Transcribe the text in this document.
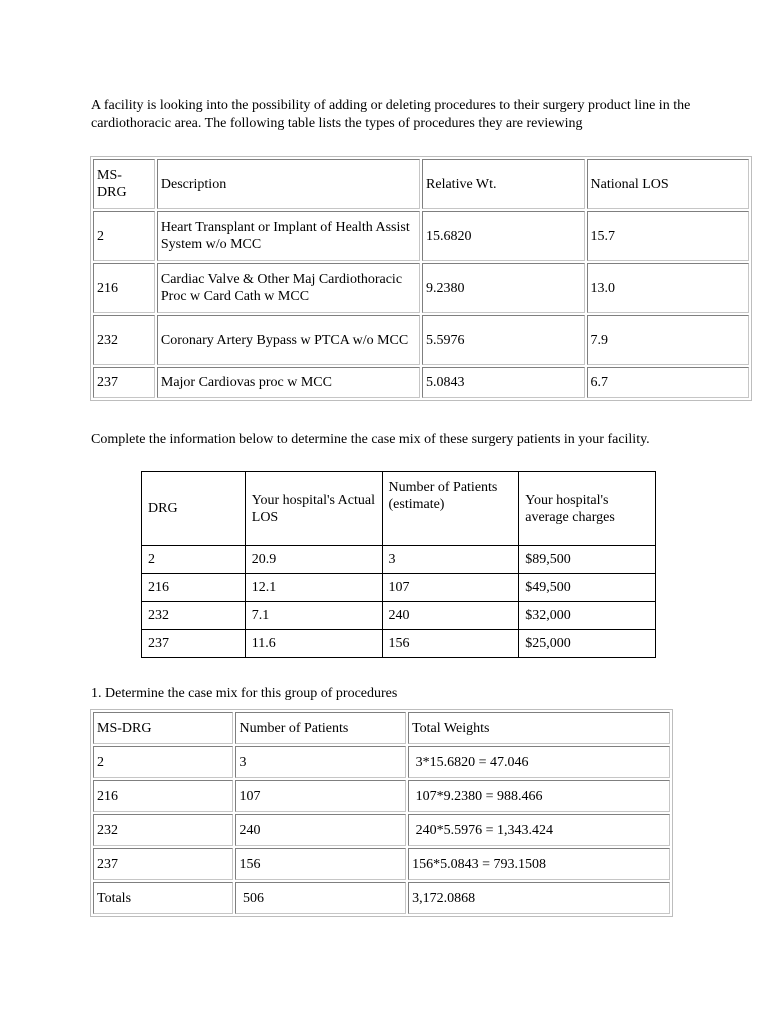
A facility is looking into the possibility of adding or deleting procedures to their surgery product line in the cardiothoracic area. The following table lists the types of procedures they are reviewing

MS-DRG	Description	Relative Wt.	National LOS
2	Heart Transplant or Implant of Health Assist System w/o MCC	15.6820	15.7
216	Cardiac Valve & Other Maj Cardiothoracic Proc w Card Cath w MCC	9.2380	13.0
232	Coronary Artery Bypass w PTCA w/o MCC	5.5976	7.9
237	Major Cardiovas proc w MCC	5.0843	6.7

Complete the information below to determine the case mix of these surgery patients in your facility.

DRG	Your hospital's Actual LOS	Number of Patients (estimate)	Your hospital's average charges
2	20.9	3	$89,500
216	12.1	107	$49,500
232	7.1	240	$32,000
237	11.6	156	$25,000

1. Determine the case mix for this group of procedures

MS-DRG	Number of Patients	Total Weights
2	3	3*15.6820 = 47.046
216	107	107*9.2380 = 988.466
232	240	240*5.5976 = 1,343.424
237	156	156*5.0843 = 793.1508
Totals	506	3,172.0868
